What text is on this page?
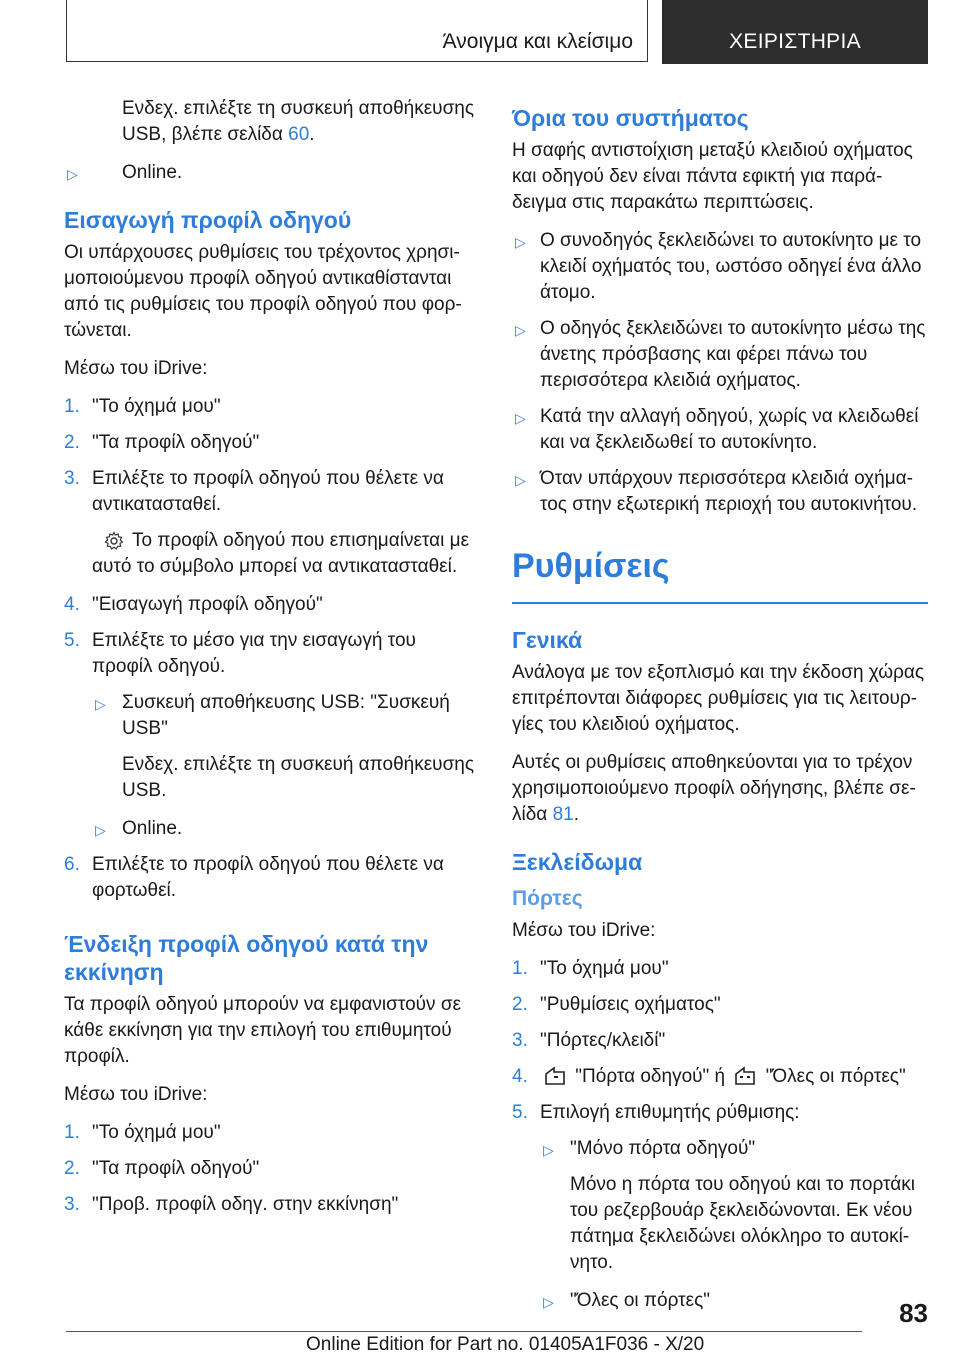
Άνοιγμα και κλείσιμο	ΧΕΙΡΙΣΤΗΡΙΑ

Ενδεχ. επιλέξτε τη συσκευή αποθήκευσης USB, βλέπε σελίδα 60.

▷ Online.
Εισαγωγή προφίλ οδηγού

Οι υπάρχουσες ρυθμίσεις του τρέχοντος χρησιμοποιούμενου προφίλ οδηγού αντικαθίστανται από τις ρυθμίσεις του προφίλ οδηγού που φορτώνεται.

Μέσω του iDrive:

1. "Το όχημά μου"
2. "Τα προφίλ οδηγού"
3. Επιλέξτε το προφίλ οδηγού που θέλετε να αντικατασταθεί.

Το προφίλ οδηγού που επισημαίνεται με αυτό το σύμβολο μπορεί να αντικατασταθεί.

4. "Εισαγωγή προφίλ οδηγού"
5. Επιλέξτε το μέσο για την εισαγωγή του προφίλ οδηγού.
▷ Συσκευή αποθήκευσης USB: "Συσκευή USB"

Ενδεχ. επιλέξτε τη συσκευή αποθήκευσης USB.

▷ Online.
6. Επιλέξτε το προφίλ οδηγού που θέλετε να φορτωθεί.
Ένδειξη προφίλ οδηγού κατά την εκκίνηση

Τα προφίλ οδηγού μπορούν να εμφανιστούν σε κάθε εκκίνηση για την επιλογή του επιθυμητού προφίλ.

Μέσω του iDrive:

1. "Το όχημά μου"
2. "Τα προφίλ οδηγού"
3. "Προβ. προφίλ οδηγ. στην εκκίνηση"
Όρια του συστήματος

Η σαφής αντιστοίχιση μεταξύ κλειδιού οχήματος και οδηγού δεν είναι πάντα εφικτή για παράδειγμα στις παρακάτω περιπτώσεις.

▷ Ο συνοδηγός ξεκλειδώνει το αυτοκίνητο με το κλειδί οχήματός του, ωστόσο οδηγεί ένα άλλο άτομο.
▷ Ο οδηγός ξεκλειδώνει το αυτοκίνητο μέσω της άνετης πρόσβασης και φέρει πάνω του περισσότερα κλειδιά οχήματος.
▷ Κατά την αλλαγή οδηγού, χωρίς να κλειδωθεί και να ξεκλειδωθεί το αυτοκίνητο.
▷ Όταν υπάρχουν περισσότερα κλειδιά οχήματος στην εξωτερική περιοχή του αυτοκινήτου.
Ρυθμίσεις
Γενικά

Ανάλογα με τον εξοπλισμό και την έκδοση χώρας επιτρέπονται διάφορες ρυθμίσεις για τις λειτουργίες του κλειδιού οχήματος.

Αυτές οι ρυθμίσεις αποθηκεύονται για το τρέχον χρησιμοποιούμενο προφίλ οδήγησης, βλέπε σελίδα 81.

Ξεκλείδωμα
Πόρτες

Μέσω του iDrive:

1. "Το όχημά μου"
2. "Ρυθμίσεις οχήματος"
3. "Πόρτες/κλειδί"
4.	"Πόρτα οδηγού" ή "Όλες οι πόρτες"
5. Επιλογή επιθυμητής ρύθμισης:
▷ "Μόνο πόρτα οδηγού"

Μόνο η πόρτα του οδηγού και το πορτάκι του ρεζερβουάρ ξεκλειδώνονται. Εκ νέου πάτημα ξεκλειδώνει ολόκληρο το αυτοκίνητο.

▷ "Όλες οι πόρτες"	83
Online Edition for Part no. 01405A1F036 - X/20
